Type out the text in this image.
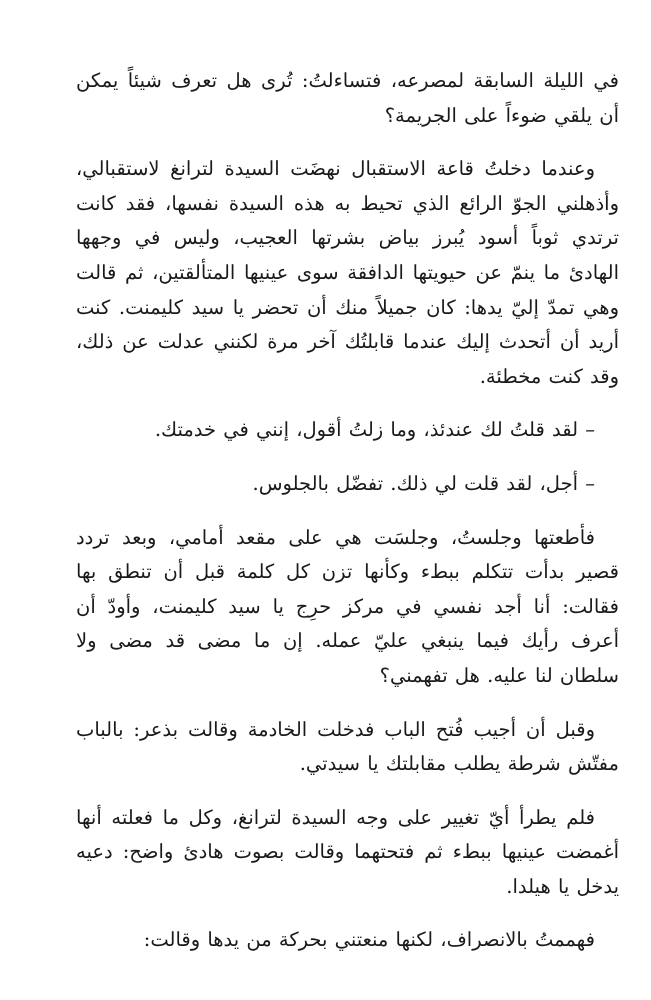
في الليلة السابقة لمصرعه، فتساءلتُ: تُرى هل تعرف شيئاً يمكن أن يلقي ضوءاً على الجريمة؟

وعندما دخلتُ قاعة الاستقبال نهضَت السيدة لترانغ لاستقبالي، وأذهلني الجوّ الرائع الذي تحيط به هذه السيدة نفسها، فقد كانت ترتدي ثوباً أسود يُبرز بياض بشرتها العجيب، وليس في وجهها الهادئ ما ينمّ عن حيويتها الدافقة سوى عينيها المتألقتين، ثم قالت وهي تمدّ إليّ يدها: كان جميلاً منك أن تحضر يا سيد كليمنت. كنت أريد أن أتحدث إليك عندما قابلتُك آخر مرة لكنني عدلت عن ذلك، وقد كنت مخطئة.

– لقد قلتُ لك عندئذ، وما زلتُ أقول، إنني في خدمتك.

– أجل، لقد قلت لي ذلك. تفضّل بالجلوس.

فأطعتها وجلستُ، وجلسَت هي على مقعد أمامي، وبعد تردد قصير بدأت تتكلم ببطء وكأنها تزن كل كلمة قبل أن تنطق بها فقالت: أنا أجد نفسي في مركز حرِج يا سيد كليمنت، وأودّ أن أعرف رأيك فيما ينبغي عليّ عمله. إن ما مضى قد مضى ولا سلطان لنا عليه. هل تفهمني؟

وقبل أن أجيب فُتح الباب فدخلت الخادمة وقالت بذعر: بالباب مفتّش شرطة يطلب مقابلتك يا سيدتي.

فلم يطرأ أيّ تغيير على وجه السيدة لترانغ، وكل ما فعلته أنها أغمضت عينيها ببطء ثم فتحتهما وقالت بصوت هادئ واضح: دعيه يدخل يا هيلدا.

فهممتُ بالانصراف، لكنها منعتني بحركة من يدها وقالت:
